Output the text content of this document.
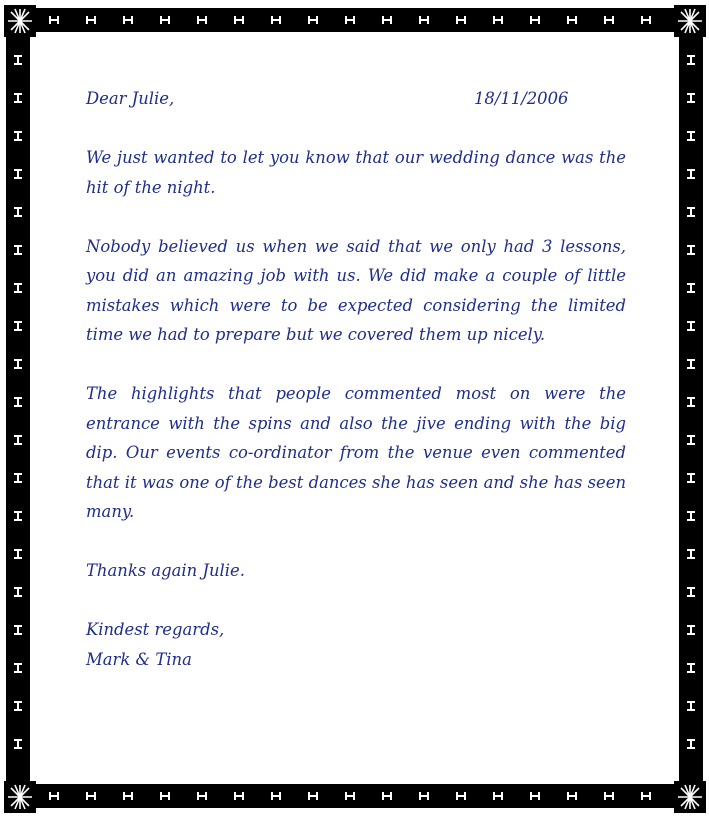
Dear Julie,	18/11/2006

We just wanted to let you know that our wedding dance was the hit of the night.

Nobody believed us when we said that we only had 3 lessons, you did an amazing job with us. We did make a couple of little mistakes which were to be expected considering the limited time we had to prepare but we covered them up nicely.

The highlights that people commented most on were the entrance with the spins and also the jive ending with the big dip. Our events co-ordinator from the venue even commented that it was one of the best dances she has seen and she has seen many.

Thanks again Julie.

Kindest regards,

Mark & Tina
